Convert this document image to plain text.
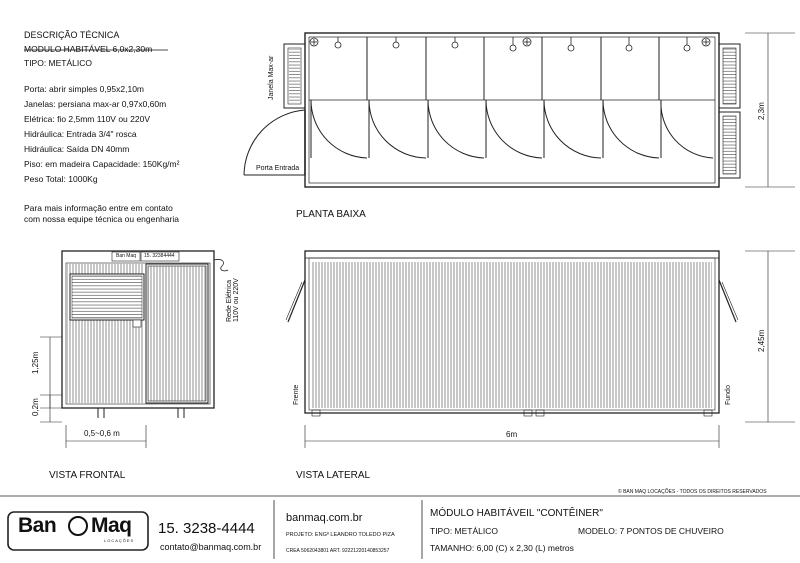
DESCRIÇÃO TÉCNICA
MODULO HABITÁVEL 6,0x2,30m
TIPO: METÁLICO
Porta: abrir simples 0,95x2,10m
Janelas: persiana max-ar 0,97x0,60m
Elétrica: fio 2,5mm 110V ou 220V
Hidráulica: Entrada 3/4" rosca
Hidráulica: Saída DN 40mm
Piso: em madeira Capacidade: 150Kg/m²
Peso Total: 1000Kg
Para mais informação entre em contato
com nossa equipe técnica ou engenharia	PLANTA BAIXA
Janela Max-ar
Porta Entrada
2,3m
Ban Maq 15. 32384444
Rede Elétrica 110V ou 220V
1,25m
0,2m
0,5~0,6 m
VISTA FRONTAL
Frente	Fundo
2,45m
6m
VISTA LATERAL
© BAN MAQ LOCAÇÕES - TODOS OS DIREITOS RESERVADOS
Ban Maq
LOCAÇÕES
15. 3238-4444
contato@banmaq.com.br
banmaq.com.br
PROJETO: ENGº LEANDRO TOLEDO PIZA
CREA 5062043801 ART. 92221220140853257
MÓDULO HABITÁVEIL "CONTÊINER"
TIPO: METÁLICO	MODELO: 7 PONTOS DE CHUVEIRO
TAMANHO: 6,00 (C) x 2,30 (L) metros
